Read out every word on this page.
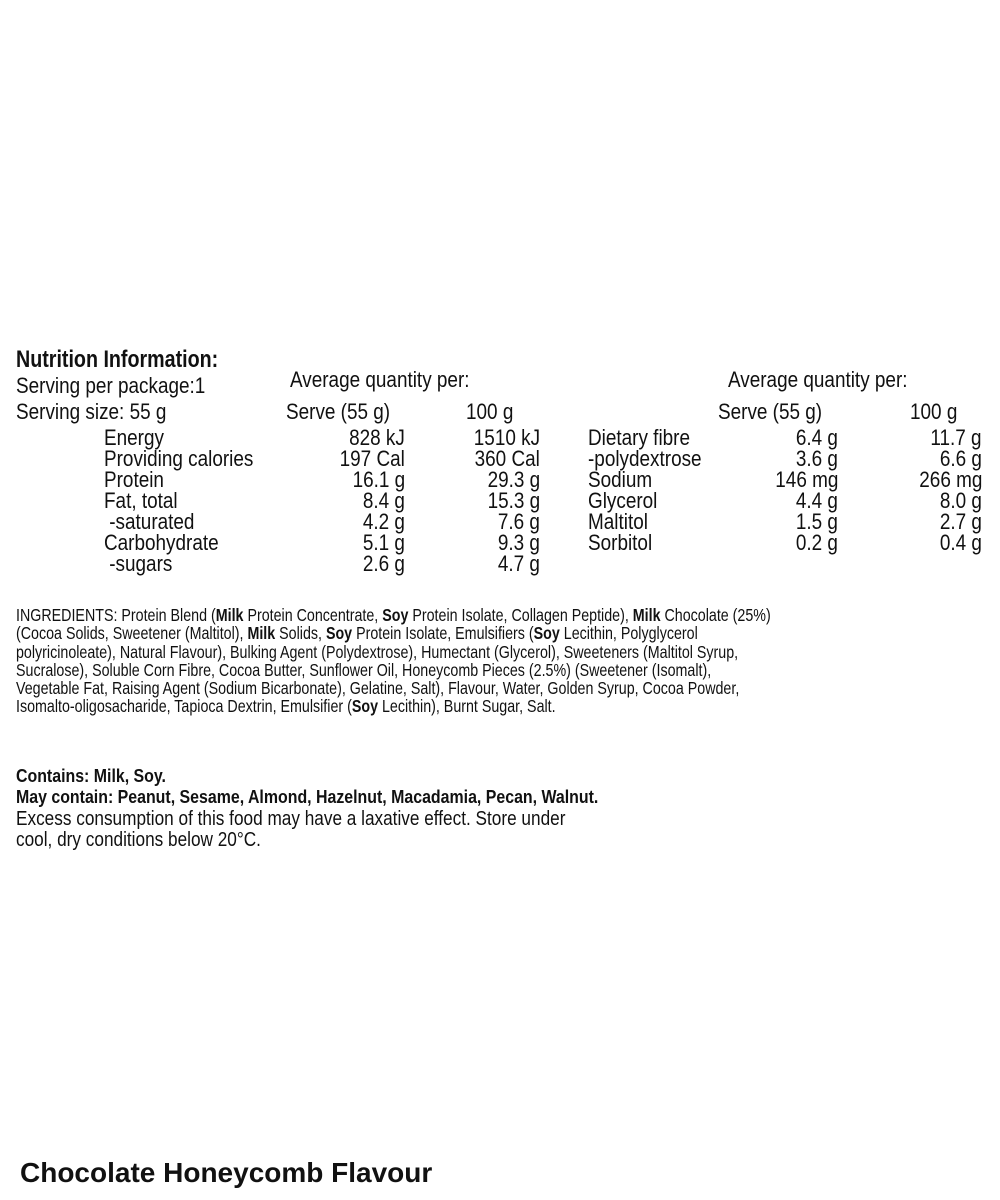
Nutrition Information:
Serving per package:1
Serving size: 55 g
Average quantity per:
Serve (55 g)	100 g
Average quantity per:
Serve (55 g)	100 g
Energy	828 kJ	1510 kJ
Providing calories	197 Cal	360 Cal
Protein	16.1 g	29.3 g
Fat, total	8.4 g	15.3 g
-saturated	4.2 g	7.6 g
Carbohydrate	5.1 g	9.3 g
-sugars	2.6 g	4.7 g
Dietary fibre	6.4 g	11.7 g
-polydextrose	3.6 g	6.6 g
Sodium	146 mg	266 mg
Glycerol	4.4 g	8.0 g
Maltitol	1.5 g	2.7 g
Sorbitol	0.2 g	0.4 g
INGREDIENTS: Protein Blend (Milk Protein Concentrate, Soy Protein Isolate, Collagen Peptide), Milk Chocolate (25%)
(Cocoa Solids, Sweetener (Maltitol), Milk Solids, Soy Protein Isolate, Emulsifiers (Soy Lecithin, Polyglycerol
polyricinoleate), Natural Flavour), Bulking Agent (Polydextrose), Humectant (Glycerol), Sweeteners (Maltitol Syrup,
Sucralose), Soluble Corn Fibre, Cocoa Butter, Sunflower Oil, Honeycomb Pieces (2.5%) (Sweetener (Isomalt),
Vegetable Fat, Raising Agent (Sodium Bicarbonate), Gelatine, Salt), Flavour, Water, Golden Syrup, Cocoa Powder,
Isomalto-oligosacharide, Tapioca Dextrin, Emulsifier (Soy Lecithin), Burnt Sugar, Salt.
Contains: Milk, Soy.
May contain: Peanut, Sesame, Almond, Hazelnut, Macadamia, Pecan, Walnut.
Excess consumption of this food may have a laxative effect. Store under
cool, dry conditions below 20°C.
Chocolate Honeycomb Flavour
